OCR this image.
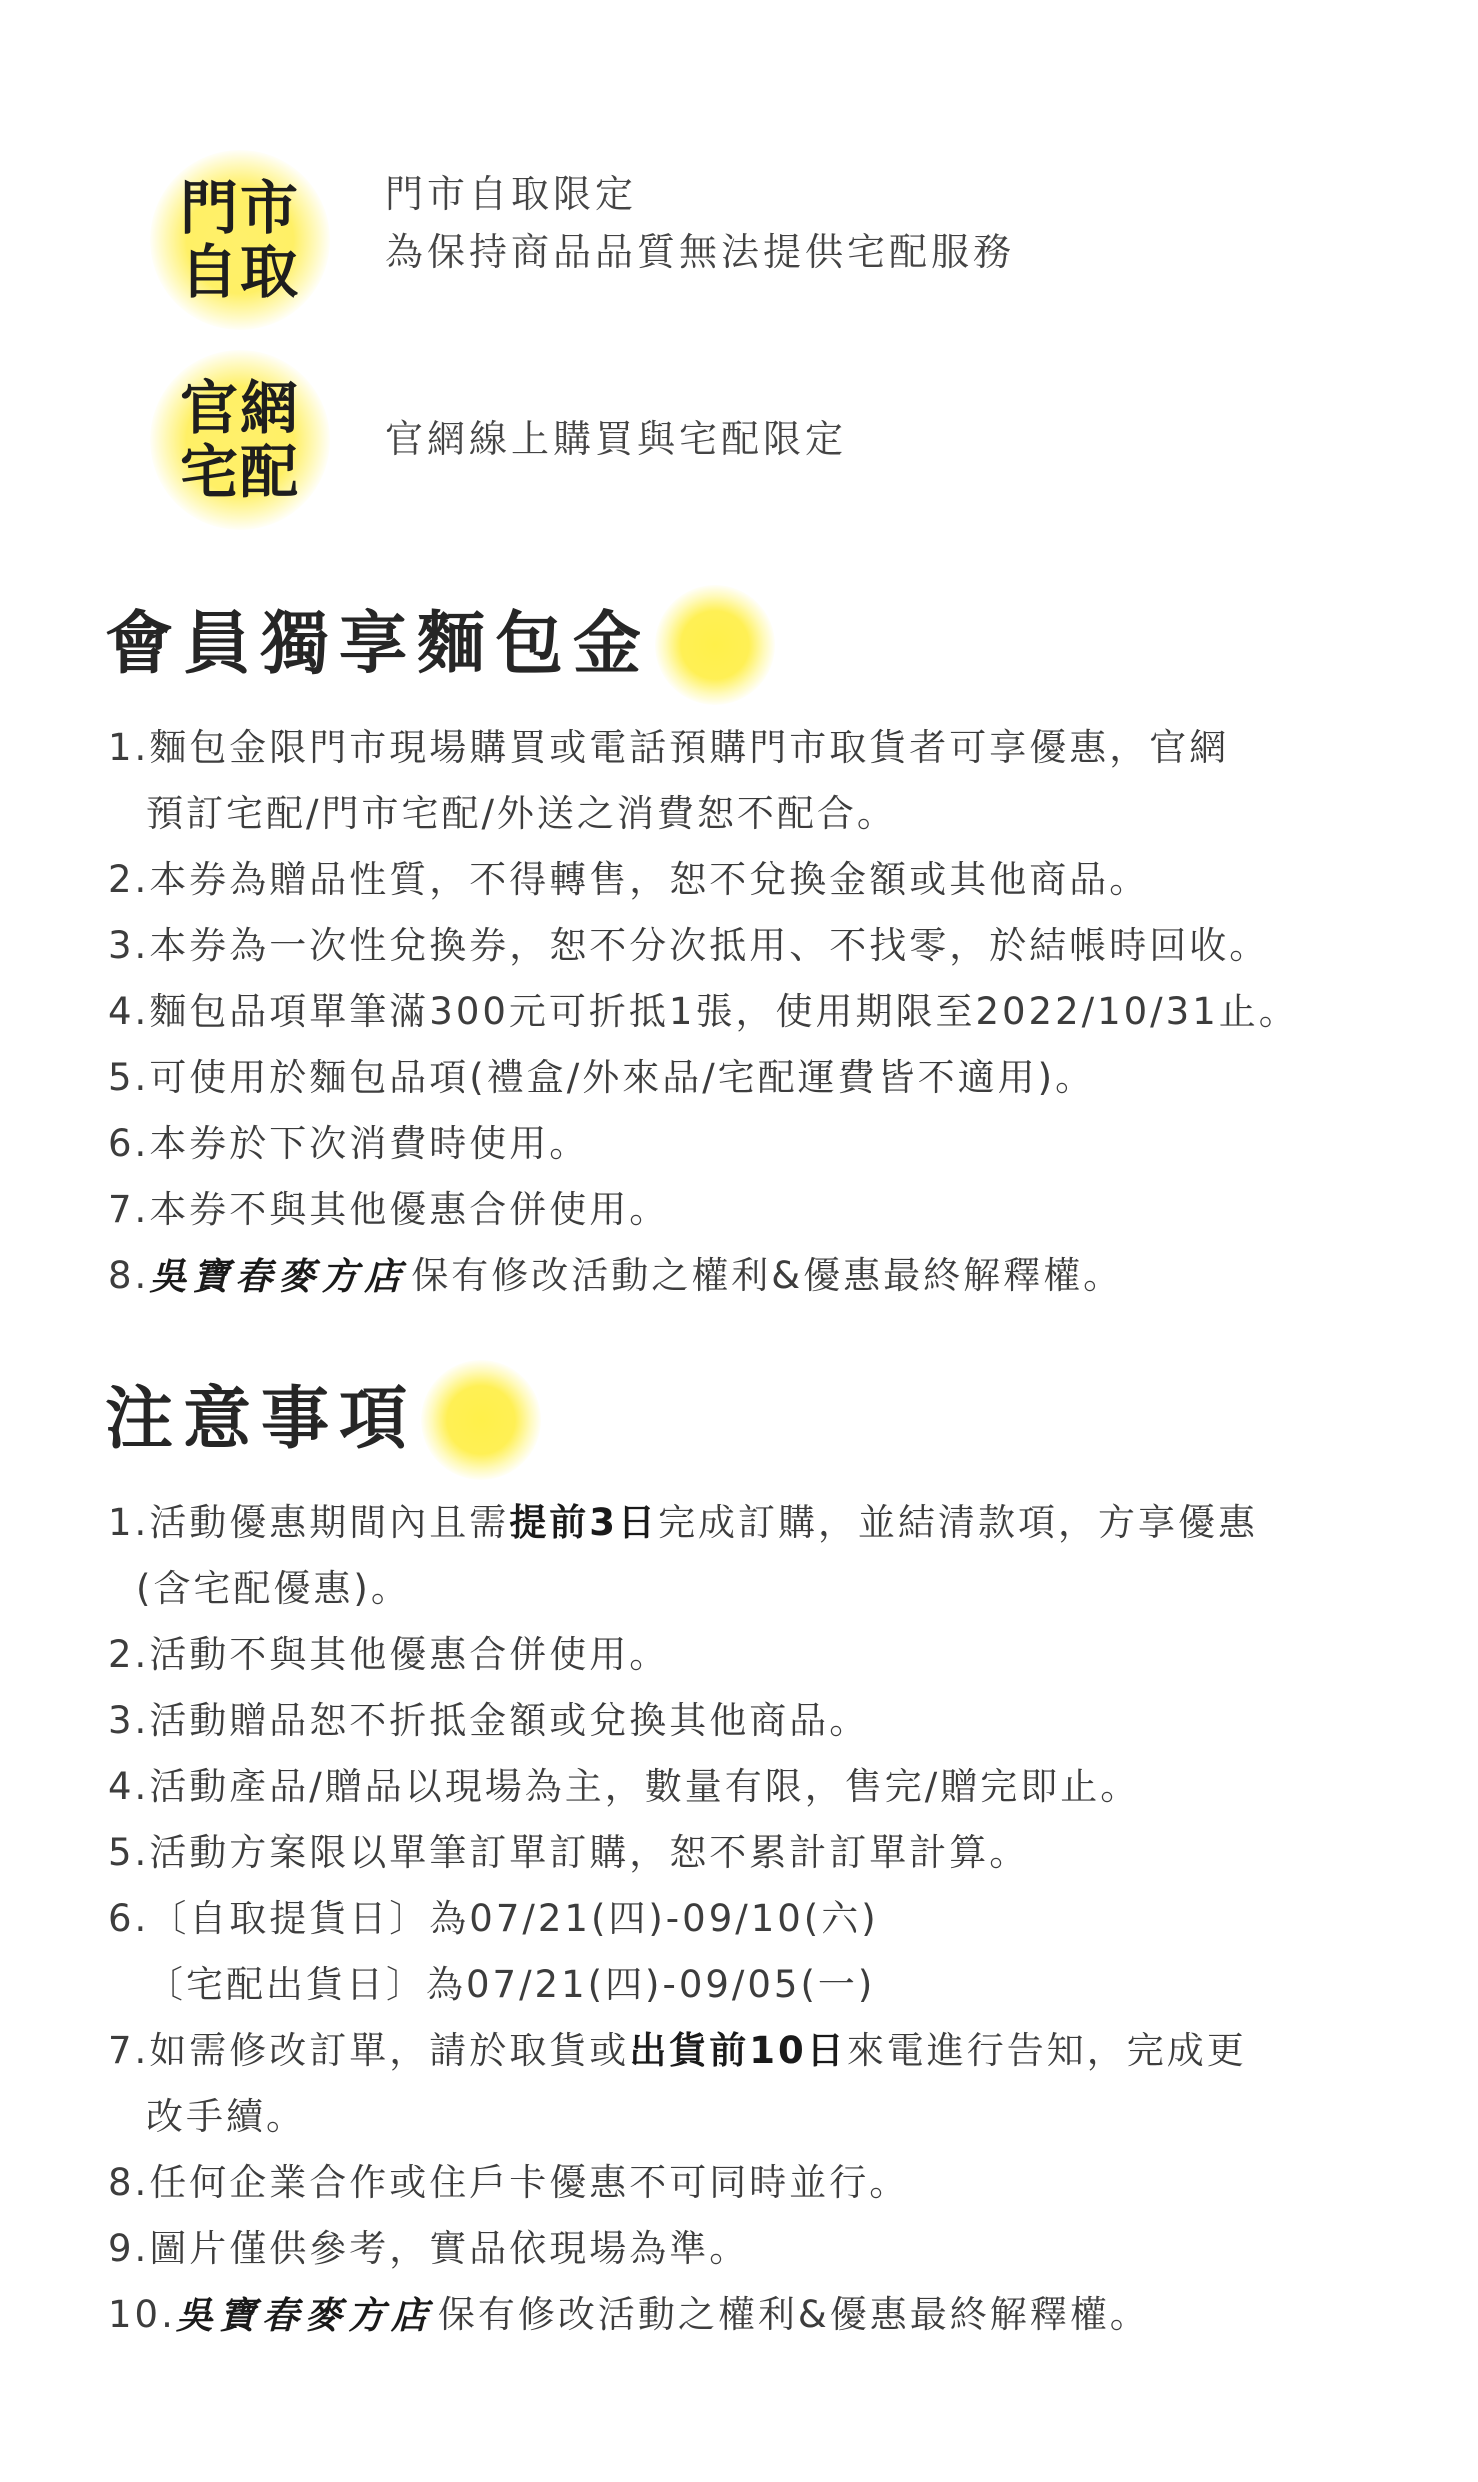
門市
自取
門市自取限定
為保持商品品質無法提供宅配服務
官網
宅配 官網線上購買與宅配限定
會員獨享麵包金
1. 麵包金限門市現場購買或電話預購門市取貨者可享優惠，官網
預訂宅配/門市宅配/外送之消費恕不配合。
2. 本券為贈品性質，不得轉售，恕不兌換金額或其他商品。
3. 本券為一次性兌換券，恕不分次抵用、不找零，於結帳時回收。
4. 麵包品項單筆滿300元可折抵1張，使用期限至2022/10/31止。
5. 可使用於麵包品項(禮盒/外來品/宅配運費皆不適用)。
6. 本券於下次消費時使用。
7. 本券不與其他優惠合併使用。
8. 吳寶春麥方店 保有修改活動之權利&優惠最終解釋權。
注意事項
1. 活動優惠期間內且需提前3日完成訂購，並結清款項，方享優惠
(含宅配優惠)。
2. 活動不與其他優惠合併使用。
3. 活動贈品恕不折抵金額或兌換其他商品。
4. 活動產品/贈品以現場為主，數量有限，售完/贈完即止。
5. 活動方案限以單筆訂單訂購，恕不累計訂單計算。
6. 〔自取提貨日〕為07/21(四)-09/10(六)
〔宅配出貨日〕為07/21(四)-09/05(一)
7. 如需修改訂單，請於取貨或出貨前10日來電進行告知，完成更
改手續。
8. 任何企業合作或住戶卡優惠不可同時並行。
9. 圖片僅供參考，實品依現場為準。
10. 吳寶春麥方店 保有修改活動之權利&優惠最終解釋權。
